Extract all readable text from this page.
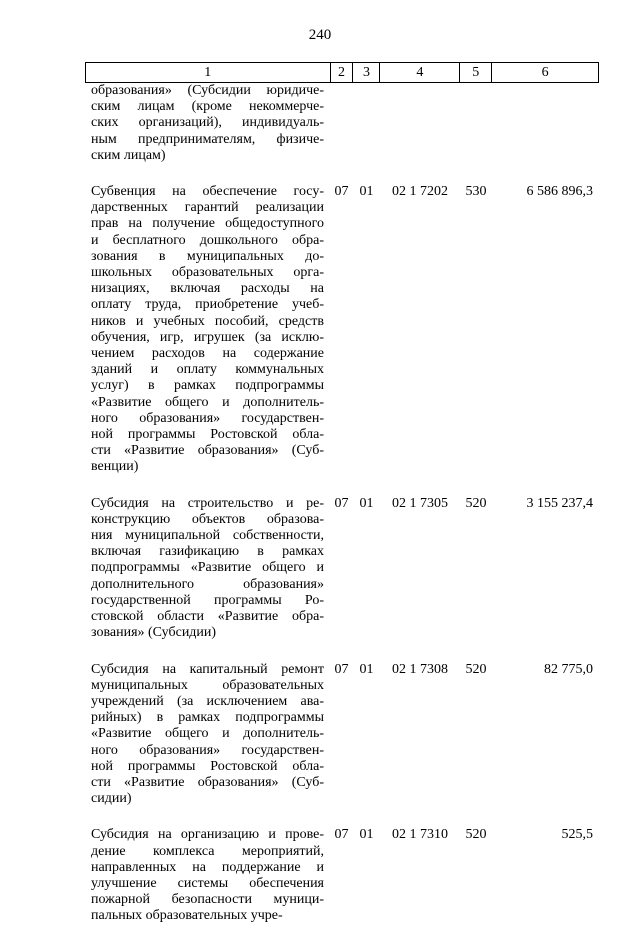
240
1	2	3	4	5	6
образования» (Субсидии юридиче-
ским лицам (кроме некоммерче-
ских организаций), индивидуаль-
ным предпринимателям, физиче-
ским лицам)
Субвенция на обеспечение госу-
дарственных гарантий реализации
прав на получение общедоступного
и бесплатного дошкольного обра-
зования в муниципальных до-
школьных образовательных орга-
низациях, включая расходы на
оплату труда, приобретение учеб-
ников и учебных пособий, средств
обучения, игр, игрушек (за исклю-
чением расходов на содержание
зданий и оплату коммунальных
услуг) в рамках подпрограммы
«Развитие общего и дополнитель-
ного образования» государствен-
ной программы Ростовской обла-
сти «Развитие образования» (Суб-
венции)
07 01	02 1 7202	530	6 586 896,3
Субсидия на строительство и ре-
конструкцию объектов образова-
ния муниципальной собственности,
включая газификацию в рамках
подпрограммы «Развитие общего и
дополнительного образования»
государственной программы Ро-
стовской области «Развитие обра-
зования» (Субсидии)
07 01	02 1 7305	520	3 155 237,4
Субсидия на капитальный ремонт
муниципальных образовательных
учреждений (за исключением ава-
рийных) в рамках подпрограммы
«Развитие общего и дополнитель-
ного образования» государствен-
ной программы Ростовской обла-
сти «Развитие образования» (Суб-
сидии)
07 01	02 1 7308	520	82 775,0
Субсидия на организацию и прове-
дение комплекса мероприятий,
направленных на поддержание и
улучшение системы обеспечения
пожарной безопасности муници-
пальных образовательных учре-
07 01	02 1 7310	520	525,5
